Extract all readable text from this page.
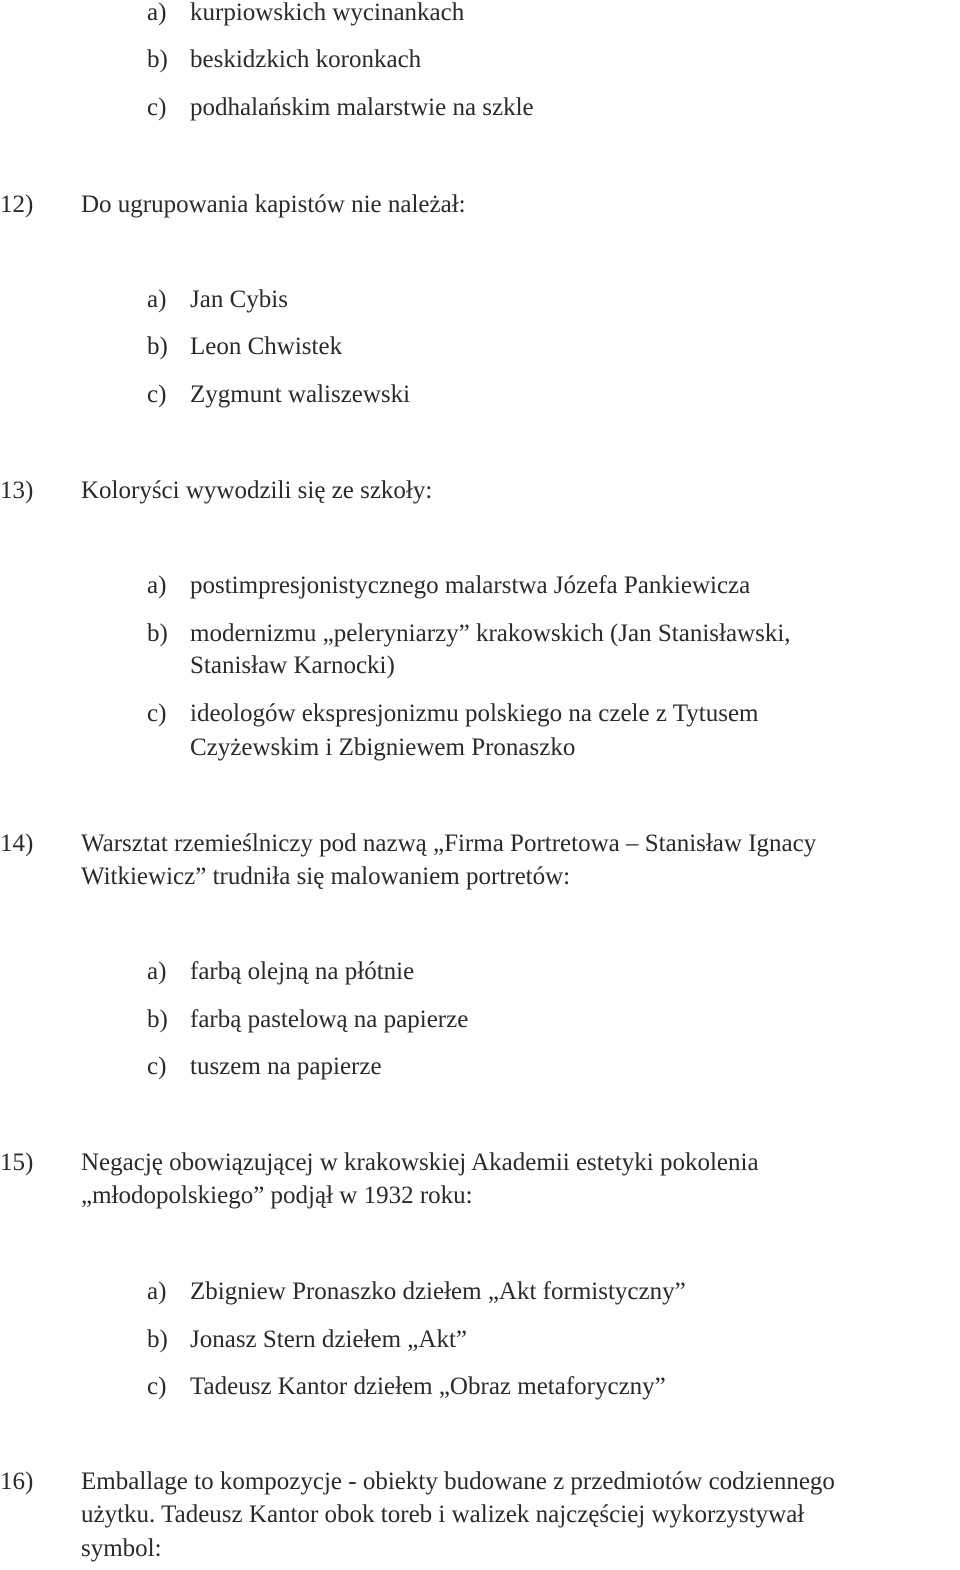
a) kurpiowskich wycinankach
b) beskidzkich koronkach
c) podhalańskim malarstwie na szkle
12) Do ugrupowania kapistów nie należał:
a) Jan Cybis
b) Leon Chwistek
c) Zygmunt waliszewski
13) Koloryści wywodzili się ze szkoły:
a) postimpresjonistycznego malarstwa Józefa Pankiewicza
b) modernizmu „peleryniarzy” krakowskich (Jan Stanisławski,
Stanisław Karnocki)
c) ideologów ekspresjonizmu polskiego na czele z Tytusem
Czyżewskim i Zbigniewem Pronaszko
14) Warsztat rzemieślniczy pod nazwą „Firma Portretowa – Stanisław Ignacy
Witkiewicz” trudniła się malowaniem portretów:
a) farbą olejną na płótnie
b) farbą pastelową na papierze
c) tuszem na papierze
15) Negację obowiązującej w krakowskiej Akademii estetyki pokolenia
„młodopolskiego” podjął w 1932 roku:
a) Zbigniew Pronaszko dziełem „Akt formistyczny”
b) Jonasz Stern dziełem „Akt”
c) Tadeusz Kantor dziełem „Obraz metaforyczny”
16) Emballage to kompozycje - obiekty budowane z przedmiotów codziennego
użytku. Tadeusz Kantor obok toreb i walizek najczęściej wykorzystywał
symbol:
